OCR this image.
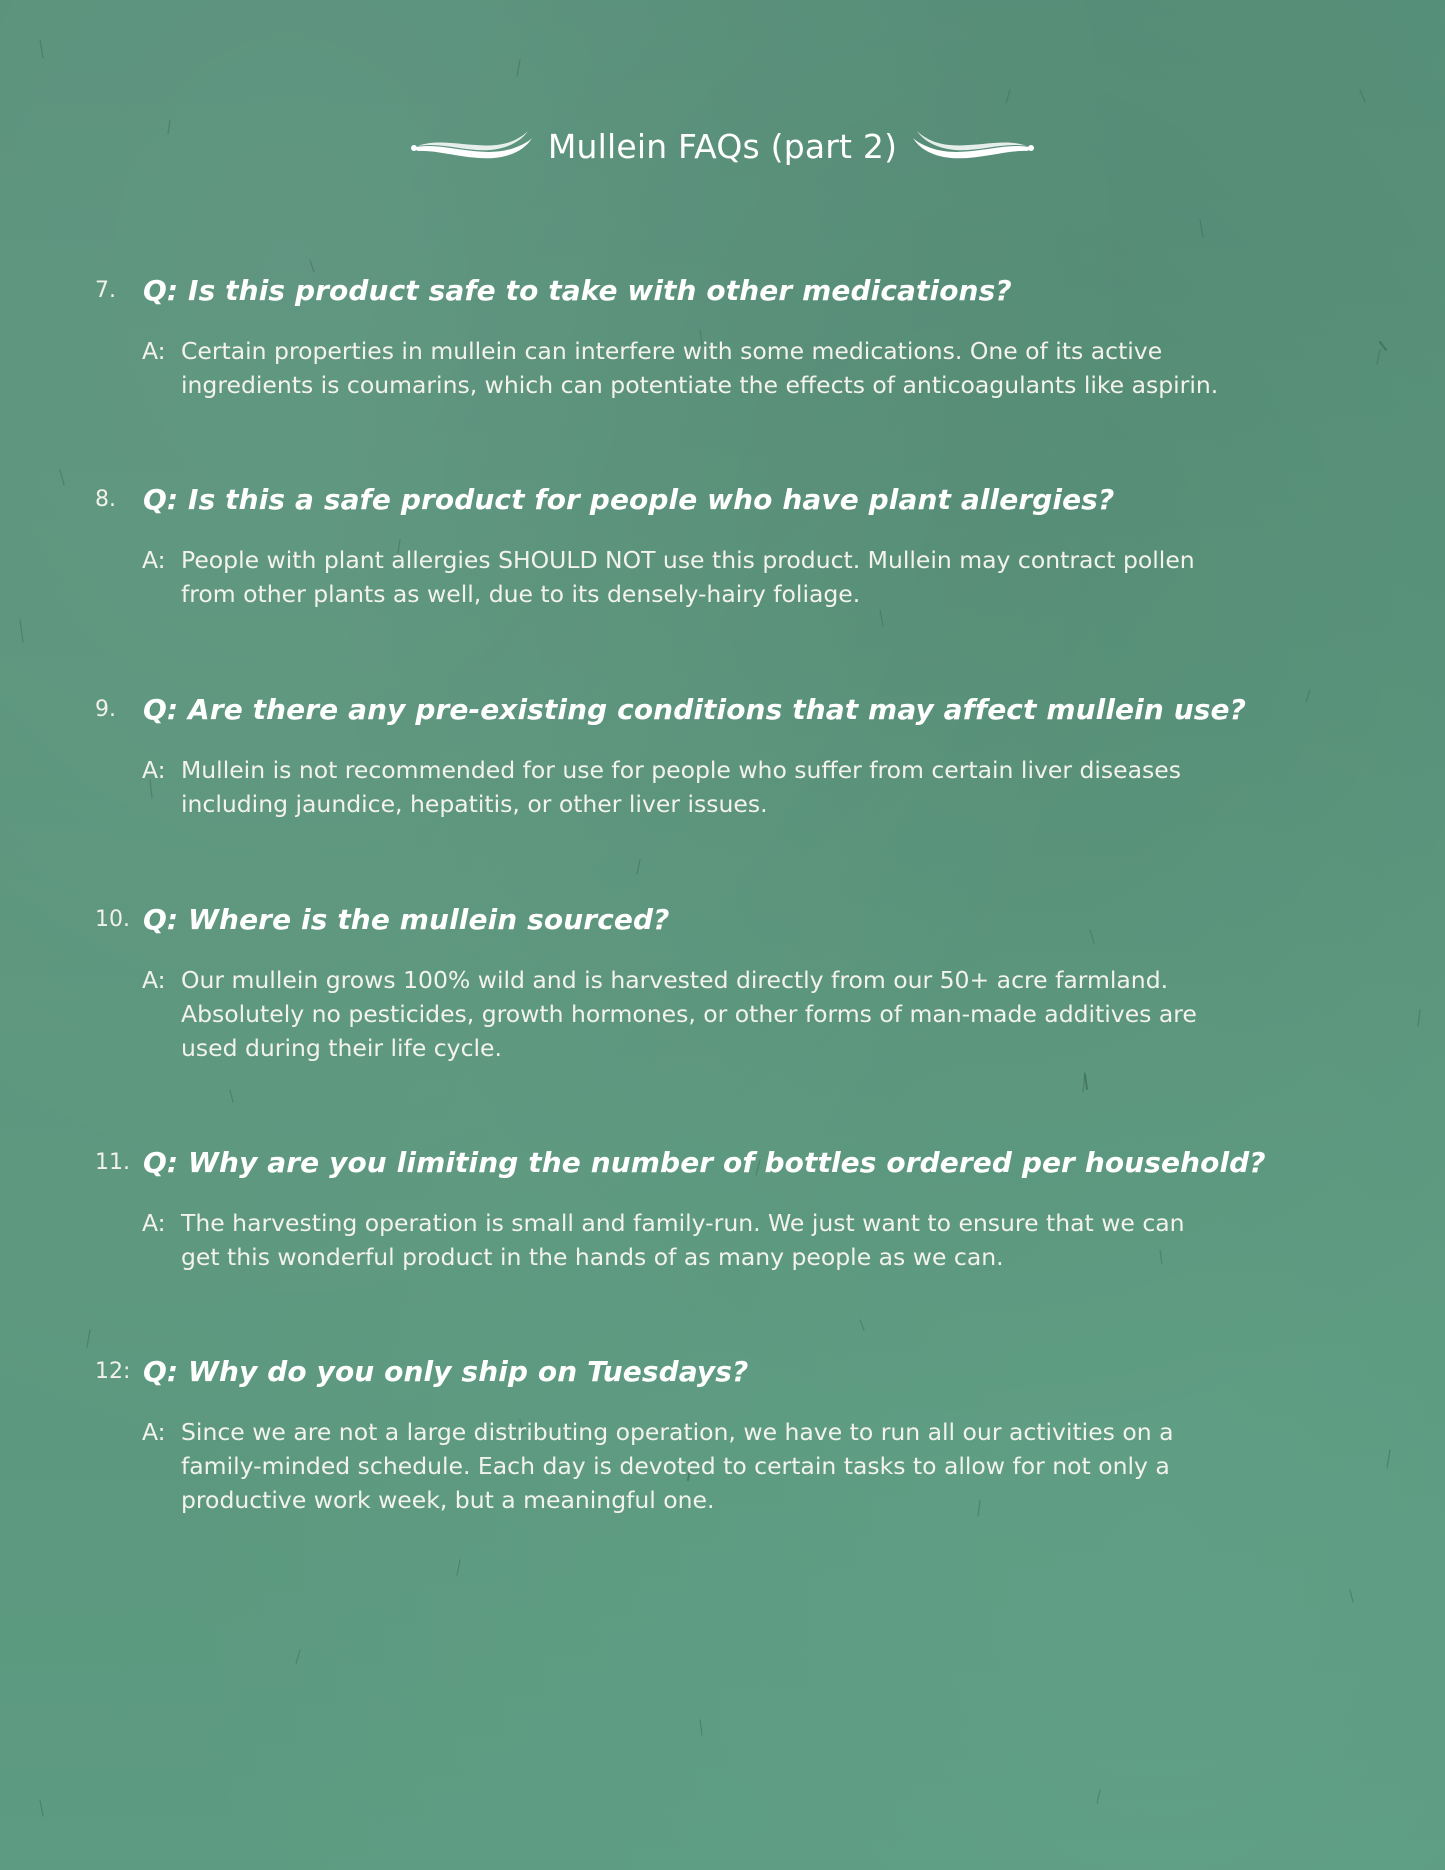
Mullein FAQs (part 2)
7. Q: Is this product safe to take with other medications?
A: Certain properties in mullein can interfere with some medications. One of its active
ingredients is coumarins, which can potentiate the effects of anticoagulants like aspirin.
8. Q: Is this a safe product for people who have plant allergies?
A: People with plant allergies SHOULD NOT use this product. Mullein may contract pollen
from other plants as well, due to its densely-hairy foliage.
9. Q: Are there any pre-existing conditions that may affect mullein use?
A: Mullein is not recommended for use for people who suffer from certain liver diseases
including jaundice, hepatitis, or other liver issues.
10. Q: Where is the mullein sourced?
A: Our mullein grows 100% wild and is harvested directly from our 50+ acre farmland.
Absolutely no pesticides, growth hormones, or other forms of man-made additives are
used during their life cycle.
11. Q: Why are you limiting the number of bottles ordered per household?
A: The harvesting operation is small and family-run. We just want to ensure that we can
get this wonderful product in the hands of as many people as we can.
12: Q: Why do you only ship on Tuesdays?
A: Since we are not a large distributing operation, we have to run all our activities on a
family-minded schedule. Each day is devoted to certain tasks to allow for not only a
productive work week, but a meaningful one.
